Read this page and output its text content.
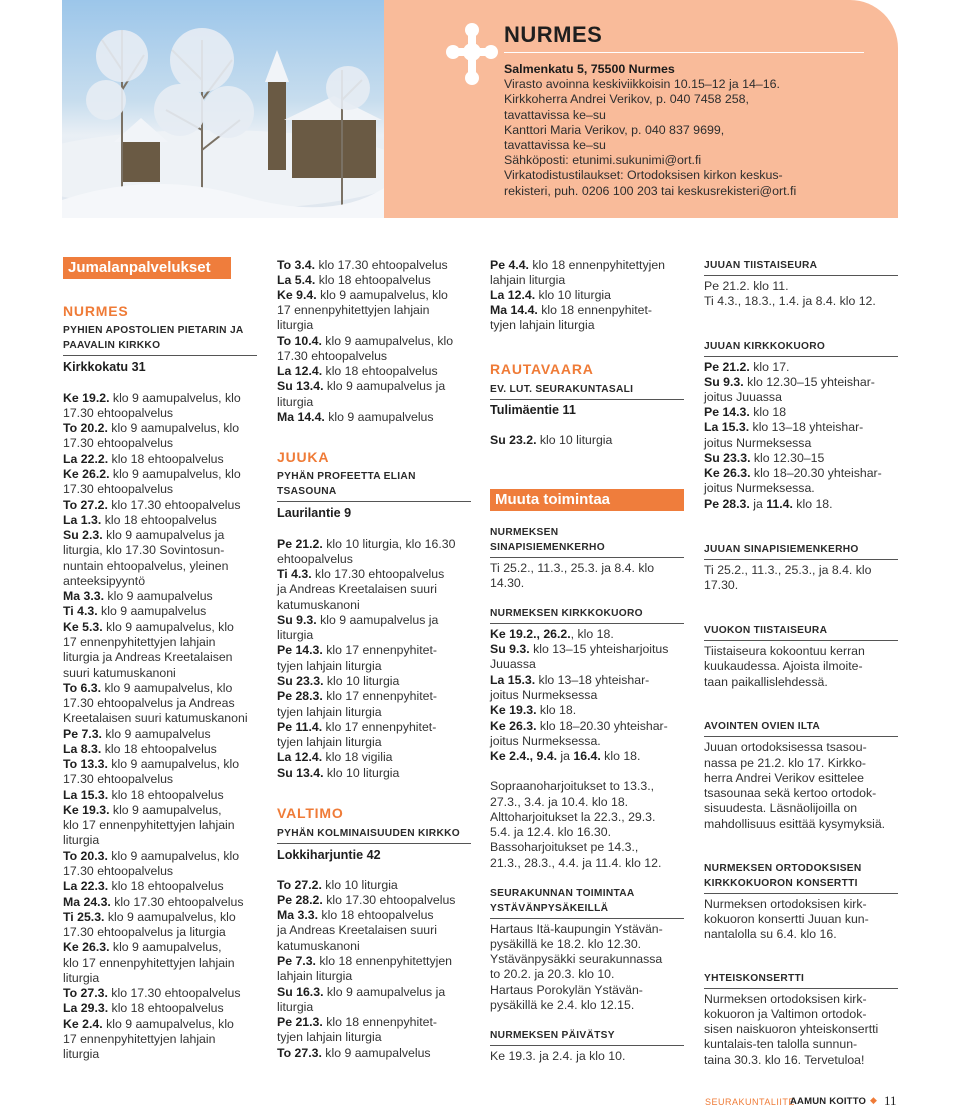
NURMES
Salmenkatu 5, 75500 Nurmes
Virasto avoinna keskiviikkoisin 10.15–12 ja 14–16.
Kirkkoherra Andrei Verikov, p. 040 7458 258,
tavattavissa ke–su
Kanttori Maria Verikov, p. 040 837 9699,
tavattavissa ke–su
Sähköposti: etunimi.sukunimi@ort.fi
Virkatodistustilaukset: Ortodoksisen kirkon keskus-
rekisteri, puh. 0206 100 203 tai keskusrekisteri@ort.fi
Jumalanpalvelukset
NURMES
PYHIEN APOSTOLIEN PIETARIN JA
PAAVALIN KIRKKO
Kirkkokatu 31
Ke 19.2. klo 9 aamupalvelus, klo
17.30 ehtoopalvelus
To 20.2. klo 9 aamupalvelus, klo
17.30 ehtoopalvelus
La 22.2. klo 18 ehtoopalvelus
Ke 26.2. klo 9 aamupalvelus, klo
17.30 ehtoopalvelus
To 27.2. klo 17.30 ehtoopalvelus
La 1.3. klo 18 ehtoopalvelus
Su 2.3. klo 9 aamupalvelus ja
liturgia, klo 17.30 Sovintosun-
nuntain ehtoopalvelus, yleinen
anteeksipyyntö
Ma 3.3. klo 9 aamupalvelus
Ti 4.3. klo 9 aamupalvelus
Ke 5.3. klo 9 aamupalvelus, klo
17 ennenpyhitettyjen lahjain
liturgia ja Andreas Kreetalaisen
suuri katumuskanoni
To 6.3. klo 9 aamupalvelus, klo
17.30 ehtoopalvelus ja Andreas
Kreetalaisen suuri katumuskanoni
Pe 7.3. klo 9 aamupalvelus
La 8.3. klo 18 ehtoopalvelus
To 13.3. klo 9 aamupalvelus, klo
17.30 ehtoopalvelus
La 15.3. klo 18 ehtoopalvelus
Ke 19.3. klo 9 aamupalvelus,
klo 17 ennenpyhitettyjen lahjain
liturgia
To 20.3. klo 9 aamupalvelus, klo
17.30 ehtoopalvelus
La 22.3. klo 18 ehtoopalvelus
Ma 24.3. klo 17.30 ehtoopalvelus
Ti 25.3. klo 9 aamupalvelus, klo
17.30 ehtoopalvelus ja liturgia
Ke 26.3. klo 9 aamupalvelus,
klo 17 ennenpyhitettyjen lahjain
liturgia
To 27.3. klo 17.30 ehtoopalvelus
La 29.3. klo 18 ehtoopalvelus
Ke 2.4. klo 9 aamupalvelus, klo
17 ennenpyhitettyjen lahjain
liturgia
To 3.4. klo 17.30 ehtoopalvelus
La 5.4. klo 18 ehtoopalvelus
Ke 9.4. klo 9 aamupalvelus, klo
17 ennenpyhitettyjen lahjain
liturgia
To 10.4. klo 9 aamupalvelus, klo
17.30 ehtoopalvelus
La 12.4. klo 18 ehtoopalvelus
Su 13.4. klo 9 aamupalvelus ja
liturgia
Ma 14.4. klo 9 aamupalvelus
JUUKA
PYHÄN PROFEETTA ELIAN
TSASOUNA
Laurilantie 9
Pe 21.2. klo 10 liturgia, klo 16.30
ehtoopalvelus
Ti 4.3. klo 17.30 ehtoopalvelus
ja Andreas Kreetalaisen suuri
katumuskanoni
Su 9.3. klo 9 aamupalvelus ja
liturgia
Pe 14.3. klo 17 ennenpyhitet-
tyjen lahjain liturgia
Su 23.3. klo 10 liturgia
Pe 28.3. klo 17 ennenpyhitet-
tyjen lahjain liturgia
Pe 11.4. klo 17 ennenpyhitet-
tyjen lahjain liturgia
La 12.4. klo 18 vigilia
Su 13.4. klo 10 liturgia
VALTIMO
PYHÄN KOLMINAISUUDEN KIRKKO
Lokkiharjuntie 42
To 27.2. klo 10 liturgia
Pe 28.2. klo 17.30 ehtoopalvelus
Ma 3.3. klo 18 ehtoopalvelus
ja Andreas Kreetalaisen suuri
katumuskanoni
Pe 7.3. klo 18 ennenpyhitettyjen
lahjain liturgia
Su 16.3. klo 9 aamupalvelus ja
liturgia
Pe 21.3. klo 18 ennenpyhitet-
tyjen lahjain liturgia
To 27.3. klo 9 aamupalvelus
Pe 4.4. klo 18 ennenpyhitettyjen
lahjain liturgia
La 12.4. klo 10 liturgia
Ma 14.4. klo 18 ennenpyhitet-
tyjen lahjain liturgia
RAUTAVAARA
EV. LUT. SEURAKUNTASALI
Tulimäentie 11
Su 23.2. klo 10 liturgia
Muuta toimintaa
NURMEKSEN
SINAPISIEMENKERHO
Ti 25.2., 11.3., 25.3. ja 8.4. klo
14.30.
NURMEKSEN KIRKKOKUORO
Ke 19.2., 26.2., klo 18.
Su 9.3. klo 13–15 yhteisharjoitus
Juuassa
La 15.3. klo 13–18 yhteishar-
joitus Nurmeksessa
Ke 19.3. klo 18.
Ke 26.3. klo 18–20.30 yhteishar-
joitus Nurmeksessa.
Ke 2.4., 9.4. ja 16.4. klo 18.
Sopraanoharjoitukset to 13.3.,
27.3., 3.4. ja 10.4. klo 18.
Alttoharjoitukset la 22.3., 29.3.
5.4. ja 12.4. klo 16.30.
Bassoharjoitukset pe 14.3.,
21.3., 28.3., 4.4. ja 11.4. klo 12.
SEURAKUNNAN TOIMINTAA
YSTÄVÄNPYSÄKEILLÄ
Hartaus Itä-kaupungin Ystävän-
pysäkillä ke 18.2. klo 12.30.
Ystävänpysäkki seurakunnassa
to 20.2. ja 20.3. klo 10.
Hartaus Porokylän Ystävän-
pysäkillä ke 2.4. klo 12.15.
NURMEKSEN PÄIVÄTSY
Ke 19.3. ja 2.4. ja klo 10.
JUUAN TIISTAISEURA
Pe 21.2. klo 11.
Ti 4.3., 18.3., 1.4. ja 8.4. klo 12.
JUUAN KIRKKOKUORO
Pe 21.2. klo 17.
Su 9.3. klo 12.30–15 yhteishar-
joitus Juuassa
Pe 14.3. klo 18
La 15.3. klo 13–18 yhteishar-
joitus Nurmeksessa
Su 23.3. klo 12.30–15
Ke 26.3. klo 18–20.30 yhteishar-
joitus Nurmeksessa.
Pe 28.3. ja 11.4. klo 18.
JUUAN SINAPISIEMENKERHO
Ti 25.2., 11.3., 25.3., ja 8.4. klo
17.30.
VUOKON TIISTAISEURA
Tiistaiseura kokoontuu kerran
kuukaudessa. Ajoista ilmoite-
taan paikallislehdessä.
AVOINTEN OVIEN ILTA
Juuan ortodoksisessa tsasou-
nassa pe 21.2. klo 17. Kirkko-
herra Andrei Verikov esittelee
tsasounaa sekä kertoo ortodok-
sisuudesta. Läsnäolijoilla on
mahdollisuus esittää kysymyksiä.
NURMEKSEN ORTODOKSISEN
KIRKKOKUORON KONSERTTI
Nurmeksen ortodoksisen kirk-
kokuoron konsertti Juuan kun-
nantalolla su 6.4. klo 16.
YHTEISKONSERTTI
Nurmeksen ortodoksisen kirk-
kokuoron ja Valtimon ortodok-
sisen naiskuoron yhteiskonsertti
kuntalais-ten talolla sunnun-
taina 30.3. klo 16. Tervetuloa!
SEURAKUNTALIITE
AAMUN KOITTO ◆ 11
